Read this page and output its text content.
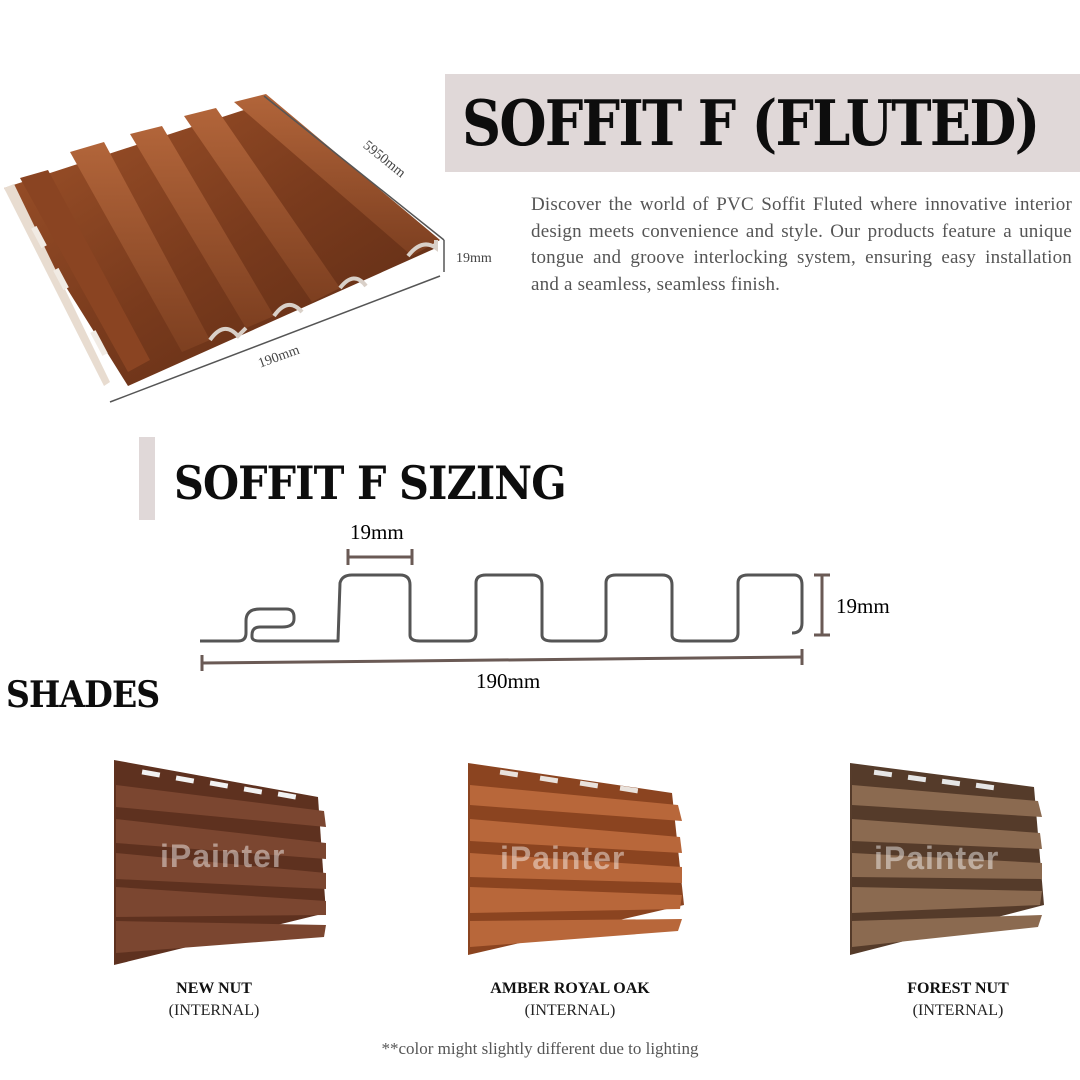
5950mm
19mm
190mm
SOFFIT F (FLUTED)
Discover the world of PVC Soffit Fluted where innovative interior design meets convenience and style. Our products feature a unique tongue and groove interlocking system, ensuring easy installation and a seamless, seamless finish.
SOFFIT F SIZING
19mm
19mm
190mm
SHADES
iPainter
NEW NUT
(INTERNAL)
iPainter
AMBER ROYAL OAK
(INTERNAL)
iPainter
FOREST NUT
(INTERNAL)
**color might slightly different due to lighting
